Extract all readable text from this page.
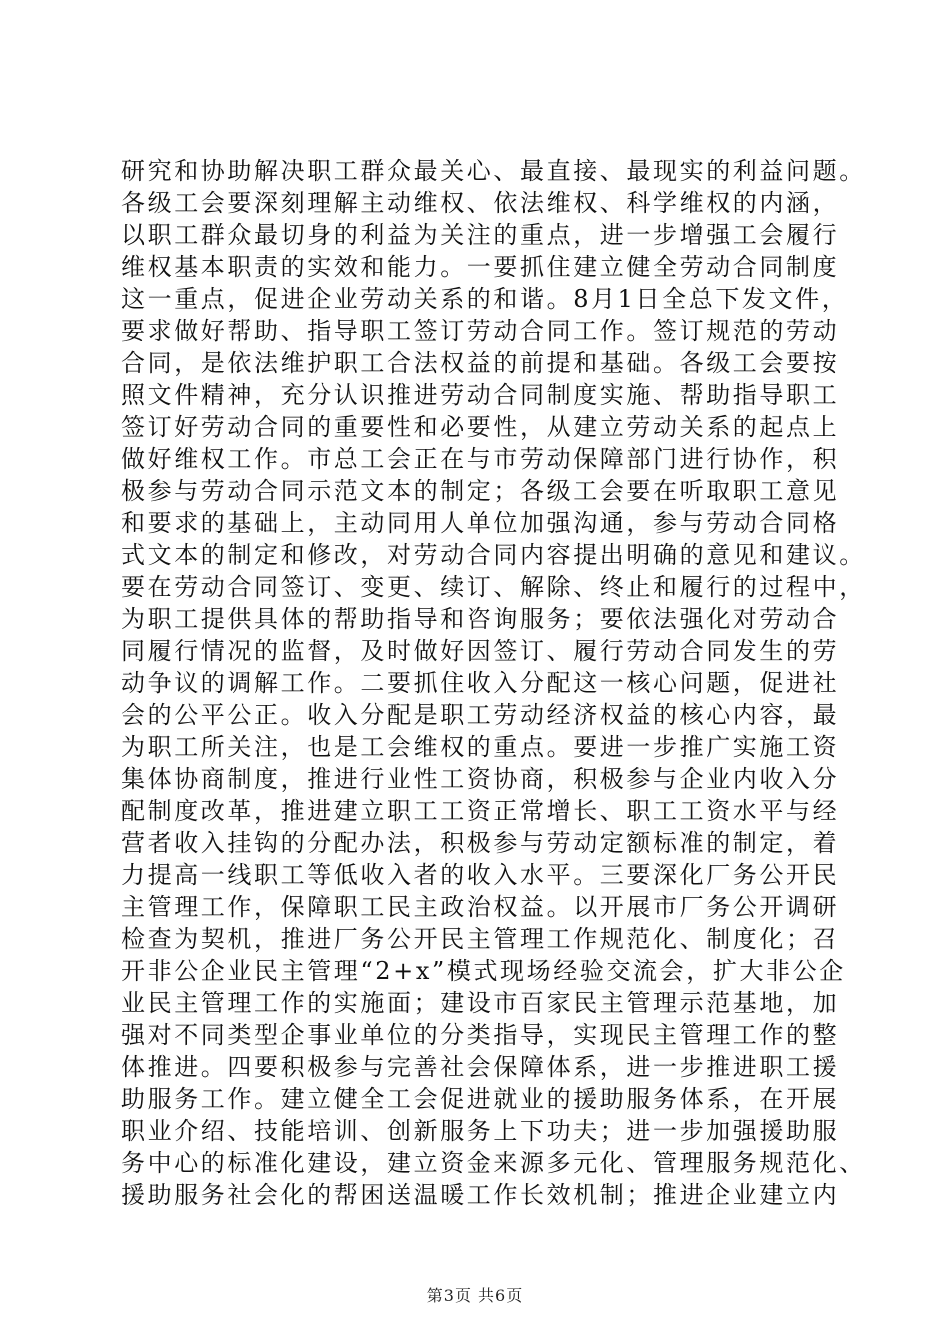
研究和协助解决职工群众最关心、最直接、最现实的利益问题。
各级工会要深刻理解主动维权、依法维权、科学维权的内涵，
以职工群众最切身的利益为关注的重点，进一步增强工会履行
维权基本职责的实效和能力。一要抓住建立健全劳动合同制度
这一重点，促进企业劳动关系的和谐。8月1日全总下发文件，
要求做好帮助、指导职工签订劳动合同工作。签订规范的劳动
合同，是依法维护职工合法权益的前提和基础。各级工会要按
照文件精神，充分认识推进劳动合同制度实施、帮助指导职工
签订好劳动合同的重要性和必要性，从建立劳动关系的起点上
做好维权工作。市总工会正在与市劳动保障部门进行协作，积
极参与劳动合同示范文本的制定；各级工会要在听取职工意见
和要求的基础上，主动同用人单位加强沟通，参与劳动合同格
式文本的制定和修改，对劳动合同内容提出明确的意见和建议。
要在劳动合同签订、变更、续订、解除、终止和履行的过程中，
为职工提供具体的帮助指导和咨询服务；要依法强化对劳动合
同履行情况的监督，及时做好因签订、履行劳动合同发生的劳
动争议的调解工作。二要抓住收入分配这一核心问题，促进社
会的公平公正。收入分配是职工劳动经济权益的核心内容，最
为职工所关注，也是工会维权的重点。要进一步推广实施工资
集体协商制度，推进行业性工资协商，积极参与企业内收入分
配制度改革，推进建立职工工资正常增长、职工工资水平与经
营者收入挂钩的分配办法，积极参与劳动定额标准的制定，着
力提高一线职工等低收入者的收入水平。三要深化厂务公开民
主管理工作，保障职工民主政治权益。以开展市厂务公开调研
检查为契机，推进厂务公开民主管理工作规范化、制度化；召
开非公企业民主管理“2+x”模式现场经验交流会，扩大非公企
业民主管理工作的实施面；建设市百家民主管理示范基地，加
强对不同类型企事业单位的分类指导，实现民主管理工作的整
体推进。四要积极参与完善社会保障体系，进一步推进职工援
助服务工作。建立健全工会促进就业的援助服务体系，在开展
职业介绍、技能培训、创新服务上下功夫；进一步加强援助服
务中心的标准化建设，建立资金来源多元化、管理服务规范化、
援助服务社会化的帮困送温暖工作长效机制；推进企业建立内
第3页 共6页
